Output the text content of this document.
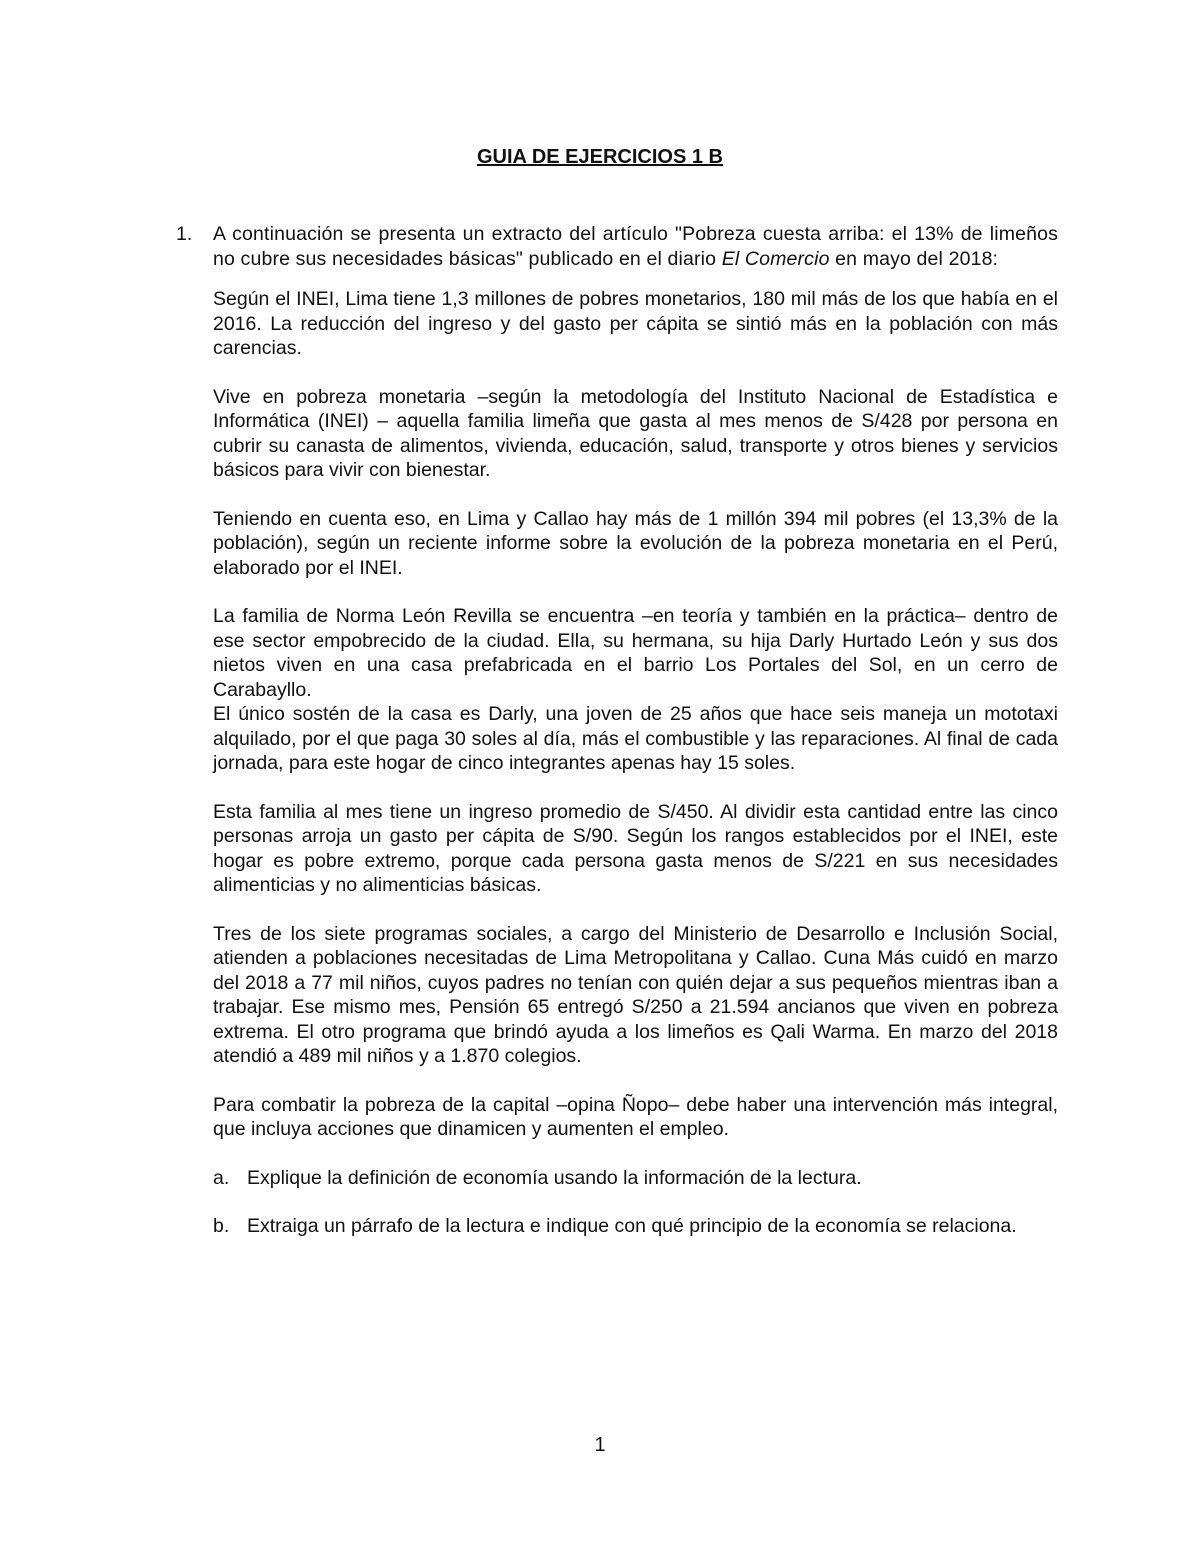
GUIA DE EJERCICIOS 1 B
1. A continuación se presenta un extracto del artículo "Pobreza cuesta arriba: el 13% de limeños no cubre sus necesidades básicas" publicado en el diario El Comercio en mayo del 2018:

Según el INEI, Lima tiene 1,3 millones de pobres monetarios, 180 mil más de los que había en el 2016. La reducción del ingreso y del gasto per cápita se sintió más en la población con más carencias.

Vive en pobreza monetaria –según la metodología del Instituto Nacional de Estadística e Informática (INEI) – aquella familia limeña que gasta al mes menos de S/428 por persona en cubrir su canasta de alimentos, vivienda, educación, salud, transporte y otros bienes y servicios básicos para vivir con bienestar.

Teniendo en cuenta eso, en Lima y Callao hay más de 1 millón 394 mil pobres (el 13,3% de la población), según un reciente informe sobre la evolución de la pobreza monetaria en el Perú, elaborado por el INEI.

La familia de Norma León Revilla se encuentra –en teoría y también en la práctica– dentro de ese sector empobrecido de la ciudad. Ella, su hermana, su hija Darly Hurtado León y sus dos nietos viven en una casa prefabricada en el barrio Los Portales del Sol, en un cerro de Carabayllo.

El único sostén de la casa es Darly, una joven de 25 años que hace seis maneja un mototaxi alquilado, por el que paga 30 soles al día, más el combustible y las reparaciones. Al final de cada jornada, para este hogar de cinco integrantes apenas hay 15 soles.

Esta familia al mes tiene un ingreso promedio de S/450. Al dividir esta cantidad entre las cinco personas arroja un gasto per cápita de S/90. Según los rangos establecidos por el INEI, este hogar es pobre extremo, porque cada persona gasta menos de S/221 en sus necesidades alimenticias y no alimenticias básicas.

Tres de los siete programas sociales, a cargo del Ministerio de Desarrollo e Inclusión Social, atienden a poblaciones necesitadas de Lima Metropolitana y Callao. Cuna Más cuidó en marzo del 2018 a 77 mil niños, cuyos padres no tenían con quién dejar a sus pequeños mientras iban a trabajar. Ese mismo mes, Pensión 65 entregó S/250 a 21.594 ancianos que viven en pobreza extrema. El otro programa que brindó ayuda a los limeños es Qali Warma. En marzo del 2018 atendió a 489 mil niños y a 1.870 colegios.

Para combatir la pobreza de la capital –opina Ñopo– debe haber una intervención más integral, que incluya acciones que dinamicen y aumenten el empleo.

a. Explique la definición de economía usando la información de la lectura.
b. Extraiga un párrafo de la lectura e indique con qué principio de la economía se relaciona.
1
